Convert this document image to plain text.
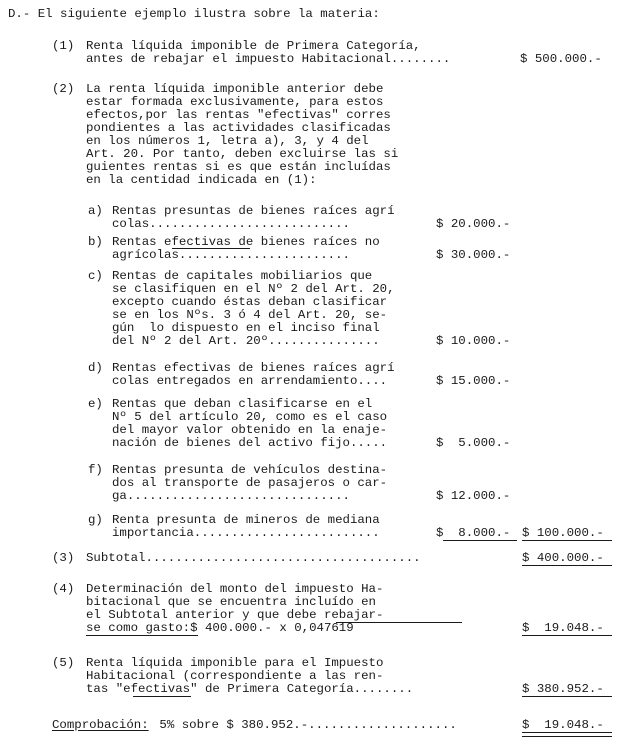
D.- El siguiente ejemplo ilustra sobre la materia:
(1) Renta líquida imponible de Primera Categoría,
antes de rebajar el impuesto Habitacional........	$ 500.000.-
(2) La renta líquida imponible anterior debe
estar formada exclusivamente, para estos
efectos,por las rentas "efectivas" corres
pondientes a las actividades clasificadas
en los números 1, letra a), 3, y 4 del
Art. 20. Por tanto, deben excluirse las si
guientes rentas si es que están incluídas
en la centidad indicada en (1):
a) Rentas presuntas de bienes raíces agrí
colas...........................	$ 20.000.-
b) Rentas efectivas de bienes raíces no
agrícolas.......................	$ 30.000.-
c) Rentas de capitales mobiliarios que
se clasifiquen en el Nº 2 del Art. 20,
excepto cuando éstas deban clasificar
se en los Nºs. 3 ó 4 del Art. 20, se-
gún  lo dispuesto en el inciso final
del Nº 2 del Art. 20º...............	$ 10.000.-
d) Rentas efectivas de bienes raíces agrí
colas entregados en arrendamiento....	$ 15.000.-
e) Rentas que deban clasificarse en el
Nº 5 del artículo 20, como es el caso
del mayor valor obtenido en la enaje-
nación de bienes del activo fijo.....	$  5.000.-
f) Rentas presunta de vehículos destina-
dos al transporte de pasajeros o car-
ga..............................	$ 12.000.-
g) Renta presunta de mineros de mediana
importancia.........................	$  8.000.- $ 100.000.-
(3) Subtotal.....................................	$ 400.000.-
(4) Determinación del monto del impuesto Ha-
bitacional que se encuentra incluído en
el Subtotal anterior y que debe rebajar-
se como gasto:$ 400.000.- x 0,047619	$  19.048.-
(5) Renta líquida imponible para el Impuesto
Habitacional (correspondiente a las ren-
tas "efectivas" de Primera Categoría........	$ 380.952.-
Comprobación: 5% sobre $ 380.952.-....................	$  19.048.-
